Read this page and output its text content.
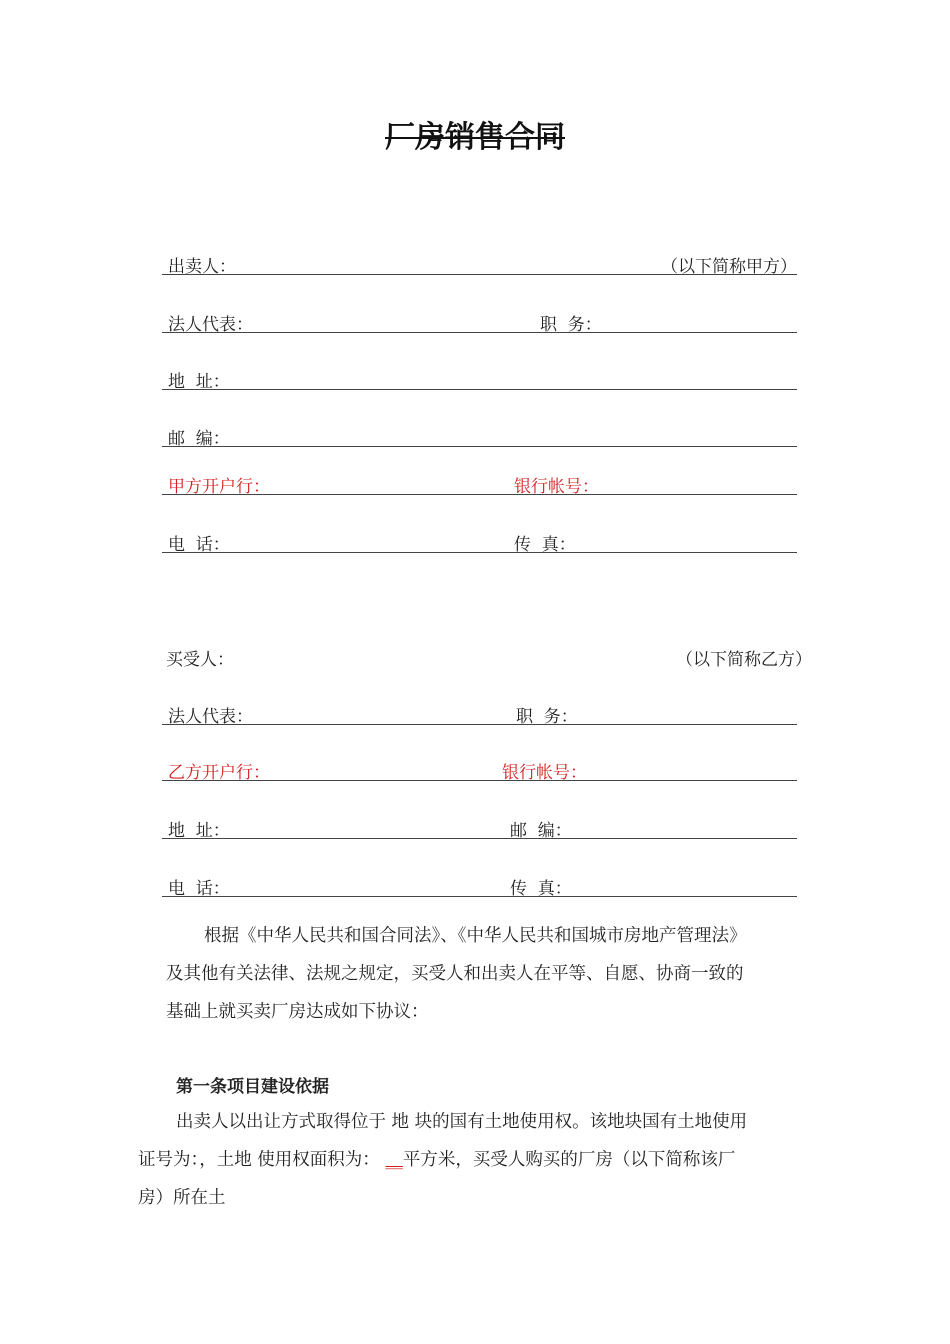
厂房销售合同
出卖人：	（以下简称甲方）
法人代表：	职  务：
地  址：
邮  编：
甲方开户行：	银行帐号：
电  话：	传  真：
买受人：	（以下简称乙方）
法人代表：	职  务：
乙方开户行：	银行帐号：
地  址：	邮  编：
电  话：	传  真：
根据《中华人民共和国合同法》、《中华人民共和国城市房地产管理法》
及其他有关法律、法规之规定，买受人和出卖人在平等、自愿、协商一致的
基础上就买卖厂房达成如下协议：
第一条项目建设依据
出卖人以出让方式取得位于 地 块的国有土地使用权。该地块国有土地使用
证号为：，土地 使用权面积为： __平方米，买受人购买的厂房（以下简称该厂
房）所在土
